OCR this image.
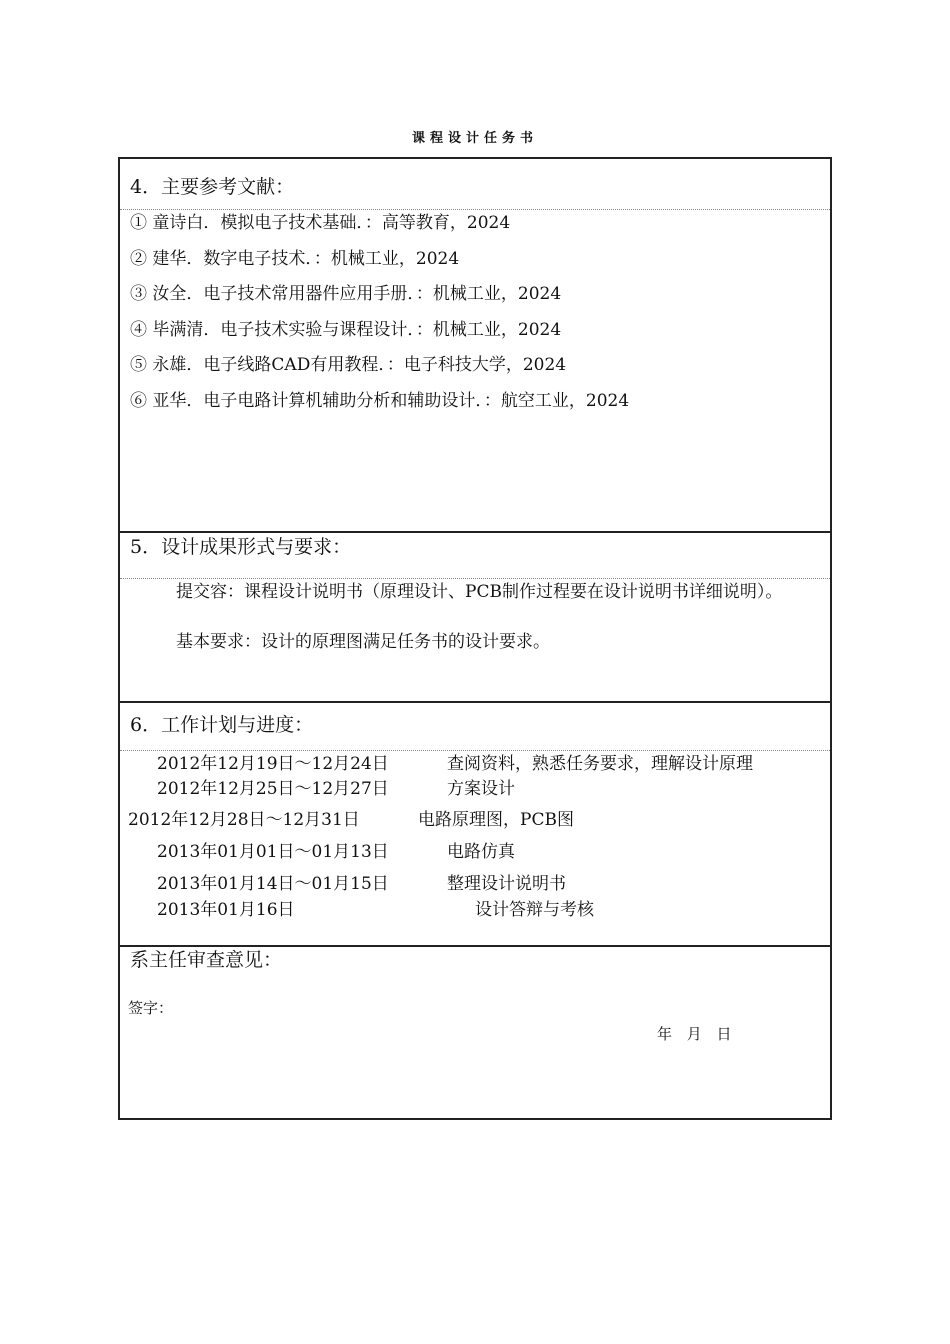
课程设计任务书
4．主要参考文献：
① 童诗白．模拟电子技术基础．：高等教育，2024
② 建华．数字电子技术．：机械工业，2024
③ 汝全．电子技术常用器件应用手册．：机械工业，2024
④ 毕满清．电子技术实验与课程设计．：机械工业，2024
⑤ 永雄．电子线路CAD有用教程．：电子科技大学，2024
⑥ 亚华．电子电路计算机辅助分析和辅助设计．：航空工业，2024
5．设计成果形式与要求：
提交容：课程设计说明书（原理设计、PCB制作过程要在设计说明书详细说明）。
基本要求：设计的原理图满足任务书的设计要求。
6．工作计划与进度：
2012年12月19日〜12月24日	查阅资料，熟悉任务要求，理解设计原理
2012年12月25日〜12月27日	方案设计
2012年12月28日〜12月31日	电路原理图，PCB图
2013年01月01日〜01月13日	电路仿真
2013年01月14日〜01月15日	整理设计说明书
2013年01月16日	设计答辩与考核
系主任审查意见：
签字：
年 月 日
